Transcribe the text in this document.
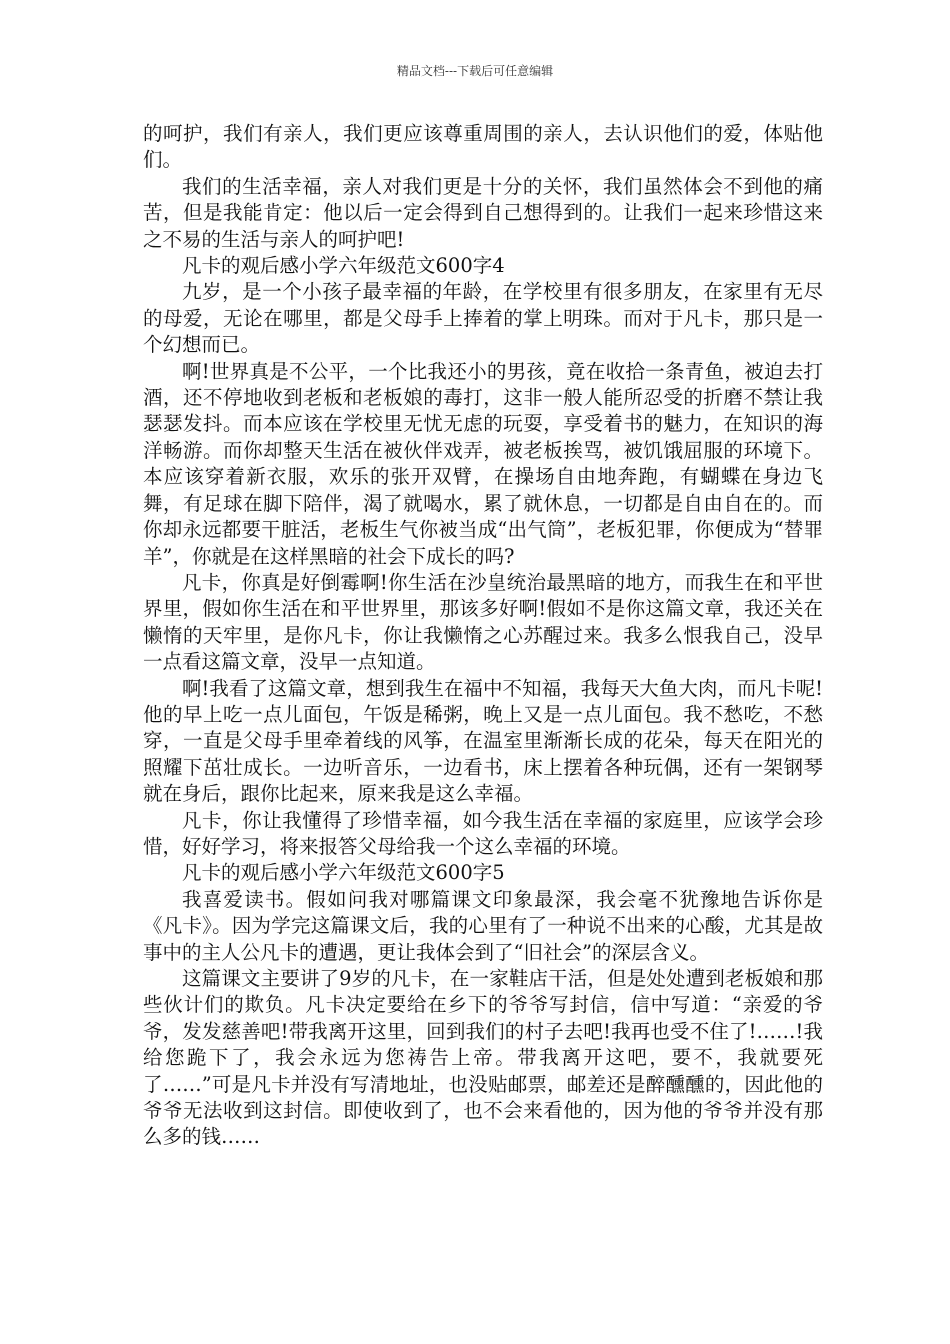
精品文档---下载后可任意编辑

的呵护，我们有亲人，我们更应该尊重周围的亲人，去认识他们的爱，体贴他们。

我们的生活幸福，亲人对我们更是十分的关怀，我们虽然体会不到他的痛苦，但是我能肯定：他以后一定会得到自己想得到的。让我们一起来珍惜这来之不易的生活与亲人的呵护吧!

凡卡的观后感小学六年级范文600字4

九岁，是一个小孩子最幸福的年龄，在学校里有很多朋友，在家里有无尽的母爱，无论在哪里，都是父母手上捧着的掌上明珠。而对于凡卡，那只是一个幻想而已。

啊!世界真是不公平，一个比我还小的男孩，竟在收拾一条青鱼，被迫去打酒，还不停地收到老板和老板娘的毒打，这非一般人能所忍受的折磨不禁让我瑟瑟发抖。而本应该在学校里无忧无虑的玩耍，享受着书的魅力，在知识的海洋畅游。而你却整天生活在被伙伴戏弄，被老板挨骂，被饥饿屈服的环境下。本应该穿着新衣服，欢乐的张开双臂，在操场自由地奔跑，有蝴蝶在身边飞舞，有足球在脚下陪伴，渴了就喝水，累了就休息，一切都是自由自在的。而你却永远都要干脏活，老板生气你被当成“出气筒”，老板犯罪，你便成为“替罪羊”，你就是在这样黑暗的社会下成长的吗?

凡卡，你真是好倒霉啊!你生活在沙皇统治最黑暗的地方，而我生在和平世界里，假如你生活在和平世界里，那该多好啊!假如不是你这篇文章，我还关在懒惰的天牢里，是你凡卡，你让我懒惰之心苏醒过来。我多么恨我自己，没早一点看这篇文章，没早一点知道。

啊!我看了这篇文章，想到我生在福中不知福，我每天大鱼大肉，而凡卡呢!他的早上吃一点儿面包，午饭是稀粥，晚上又是一点儿面包。我不愁吃，不愁穿，一直是父母手里牵着线的风筝，在温室里渐渐长成的花朵，每天在阳光的照耀下茁壮成长。一边听音乐，一边看书，床上摆着各种玩偶，还有一架钢琴就在身后，跟你比起来，原来我是这么幸福。

凡卡，你让我懂得了珍惜幸福，如今我生活在幸福的家庭里，应该学会珍惜，好好学习，将来报答父母给我一个这么幸福的环境。

凡卡的观后感小学六年级范文600字5

我喜爱读书。假如问我对哪篇课文印象最深，我会毫不犹豫地告诉你是《凡卡》。因为学完这篇课文后，我的心里有了一种说不出来的心酸，尤其是故事中的主人公凡卡的遭遇，更让我体会到了“旧社会”的深层含义。

这篇课文主要讲了9岁的凡卡，在一家鞋店干活，但是处处遭到老板娘和那些伙计们的欺负。凡卡决定要给在乡下的爷爷写封信，信中写道：“亲爱的爷爷，发发慈善吧!带我离开这里，回到我们的村子去吧!我再也受不住了!……!我给您跪下了，我会永远为您祷告上帝。带我离开这吧，要不，我就要死了……”可是凡卡并没有写清地址，也没贴邮票，邮差还是醉醺醺的，因此他的爷爷无法收到这封信。即使收到了，也不会来看他的，因为他的爷爷并没有那么多的钱……
